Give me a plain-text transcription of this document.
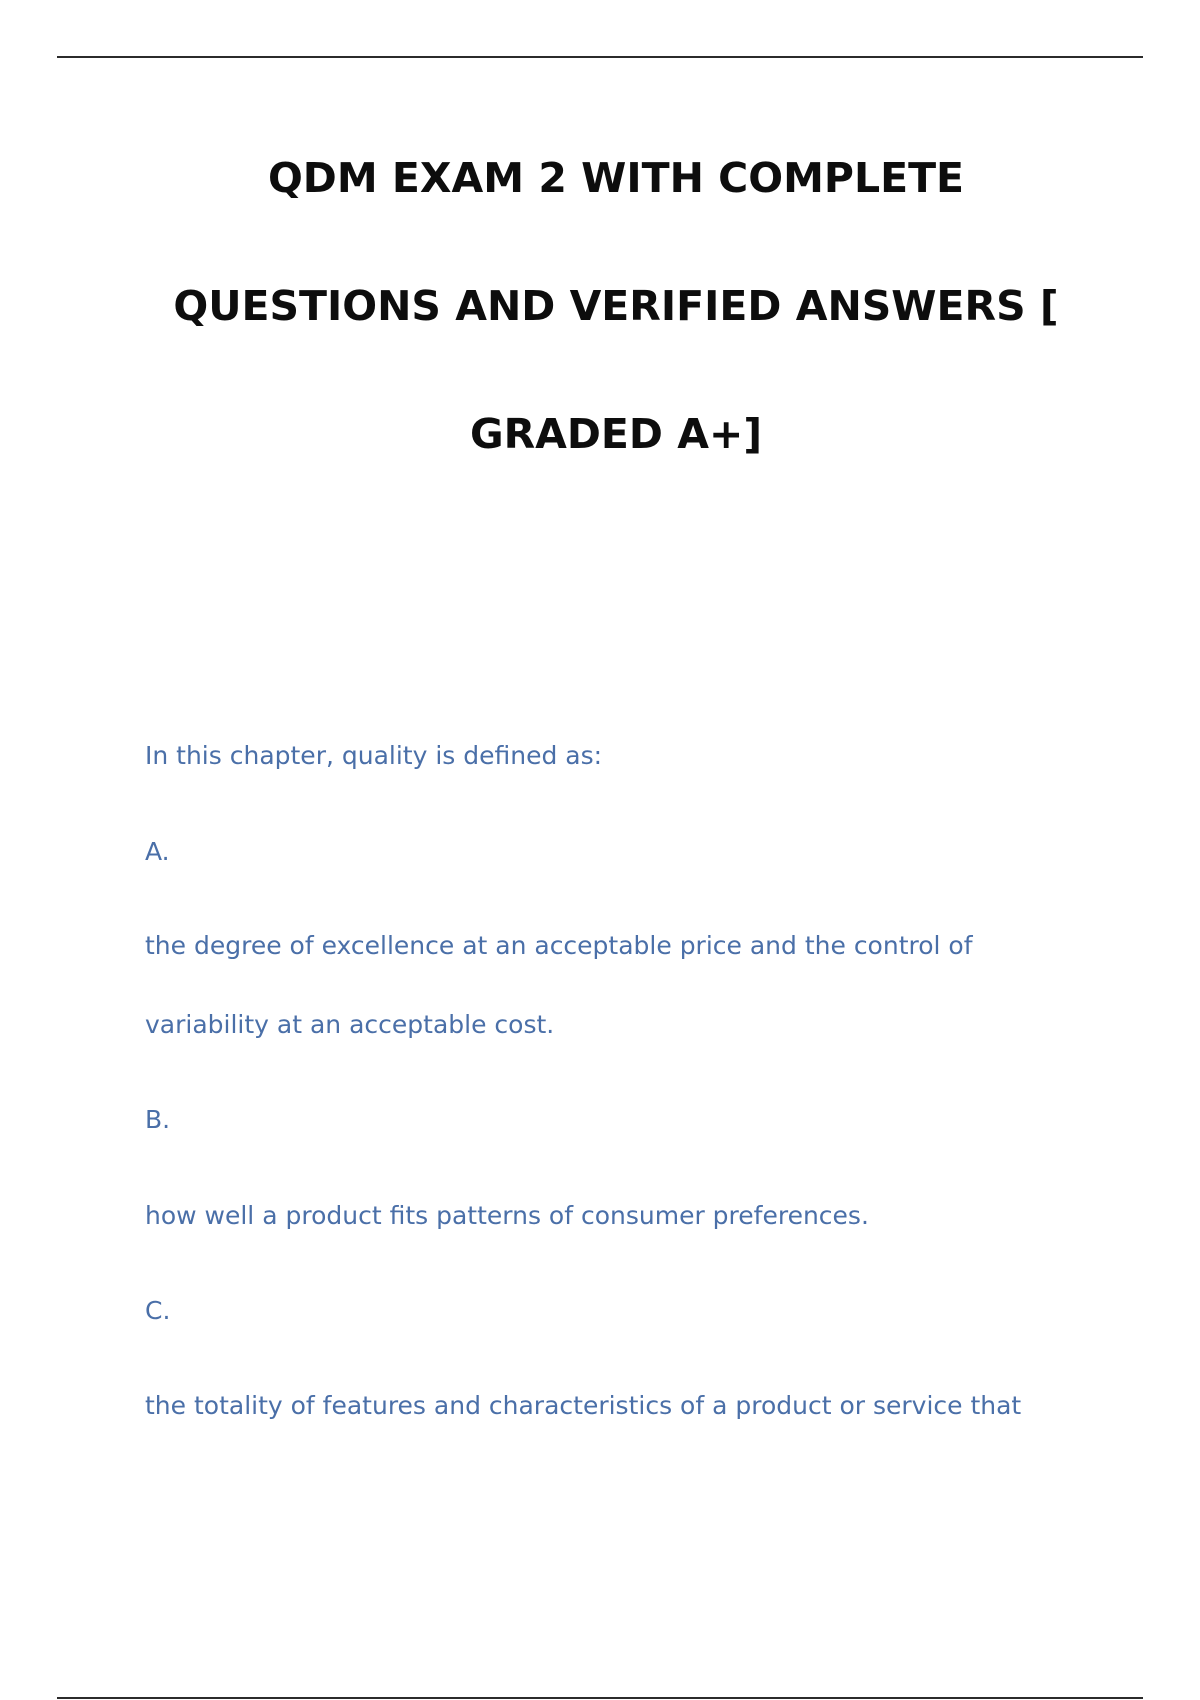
QDM EXAM 2 WITH COMPLETE
QUESTIONS AND VERIFIED ANSWERS [
GRADED A+]
In this chapter, quality is defined as:
A.
the degree of excellence at an acceptable price and the control of
variability at an acceptable cost.
B.
how well a product fits patterns of consumer preferences.
C.
the totality of features and characteristics of a product or service that
